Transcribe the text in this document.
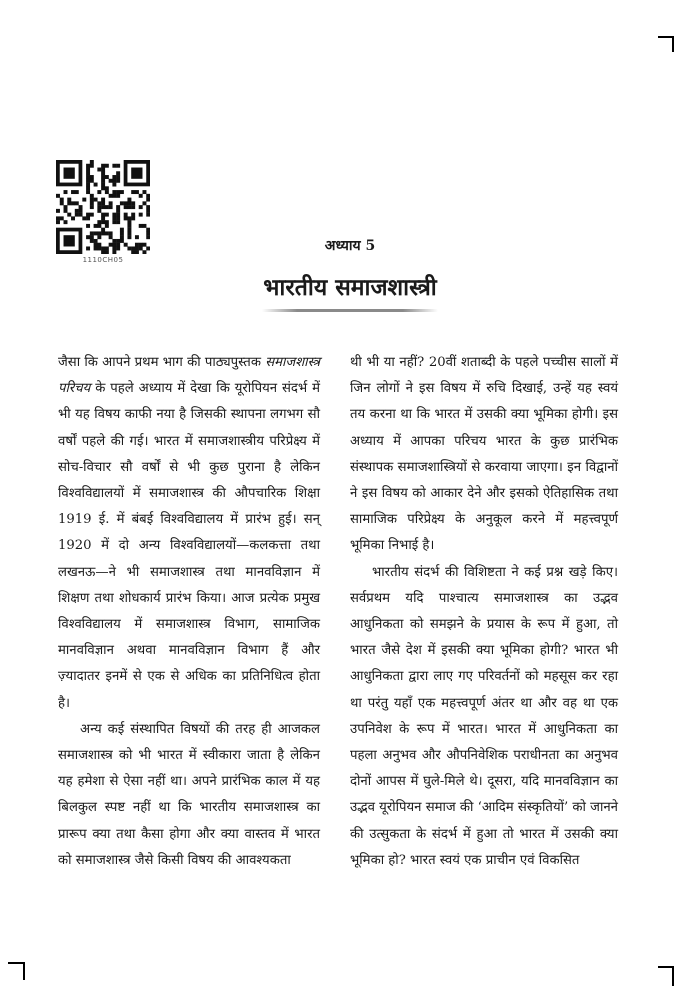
1110CH05
अध्याय 5
भारतीय समाजशास्त्री

जैसा कि आपने प्रथम भाग की पाठ्यपुस्तक समाजशास्त्र परिचय के पहले अध्याय में देखा कि यूरोपियन संदर्भ में भी यह विषय काफी नया है जिसकी स्थापना लगभग सौ वर्षों पहले की गई। भारत में समाजशास्त्रीय परिप्रेक्ष्य में सोच-विचार सौ वर्षों से भी कुछ पुराना है लेकिन विश्वविद्यालयों में समाजशास्त्र की औपचारिक शिक्षा 1919 ई. में बंबई विश्वविद्यालय में प्रारंभ हुई। सन् 1920 में दो अन्य विश्वविद्यालयों—कलकत्ता तथा लखनऊ—ने भी समाजशास्त्र तथा मानवविज्ञान में शिक्षण तथा शोधकार्य प्रारंभ किया। आज प्रत्येक प्रमुख विश्वविद्यालय में समाजशास्त्र विभाग, सामाजिक मानवविज्ञान अथवा मानवविज्ञान विभाग हैं और ज़्यादातर इनमें से एक से अधिक का प्रतिनिधित्व होता है।

अन्य कई संस्थापित विषयों की तरह ही आजकल समाजशास्त्र को भी भारत में स्वीकारा जाता है लेकिन यह हमेशा से ऐसा नहीं था। अपने प्रारंभिक काल में यह बिलकुल स्पष्ट नहीं था कि भारतीय समाजशास्त्र का प्रारूप क्या तथा कैसा होगा और क्या वास्तव में भारत को समाजशास्त्र जैसे किसी विषय की आवश्यकता

थी भी या नहीं? 20वीं शताब्दी के पहले पच्चीस सालों में जिन लोगों ने इस विषय में रुचि दिखाई, उन्हें यह स्वयं तय करना था कि भारत में उसकी क्या भूमिका होगी। इस अध्याय में आपका परिचय भारत के कुछ प्रारंभिक संस्थापक समाजशास्त्रियों से करवाया जाएगा। इन विद्वानों ने इस विषय को आकार देने और इसको ऐतिहासिक तथा सामाजिक परिप्रेक्ष्य के अनुकूल करने में महत्त्वपूर्ण भूमिका निभाई है।

भारतीय संदर्भ की विशिष्टता ने कई प्रश्न खड़े किए। सर्वप्रथम यदि पाश्चात्य समाजशास्त्र का उद्भव आधुनिकता को समझने के प्रयास के रूप में हुआ, तो भारत जैसे देश में इसकी क्या भूमिका होगी? भारत भी आधुनिकता द्वारा लाए गए परिवर्तनों को महसूस कर रहा था परंतु यहाँ एक महत्त्वपूर्ण अंतर था और वह था एक उपनिवेश के रूप में भारत। भारत में आधुनिकता का पहला अनुभव और औपनिवेशिक पराधीनता का अनुभव दोनों आपस में घुले-मिले थे। दूसरा, यदि मानवविज्ञान का उद्भव यूरोपियन समाज की ‘आदिम संस्कृतियों’ को जानने की उत्सुकता के संदर्भ में हुआ तो भारत में उसकी क्या भूमिका हो? भारत स्वयं एक प्राचीन एवं विकसित
